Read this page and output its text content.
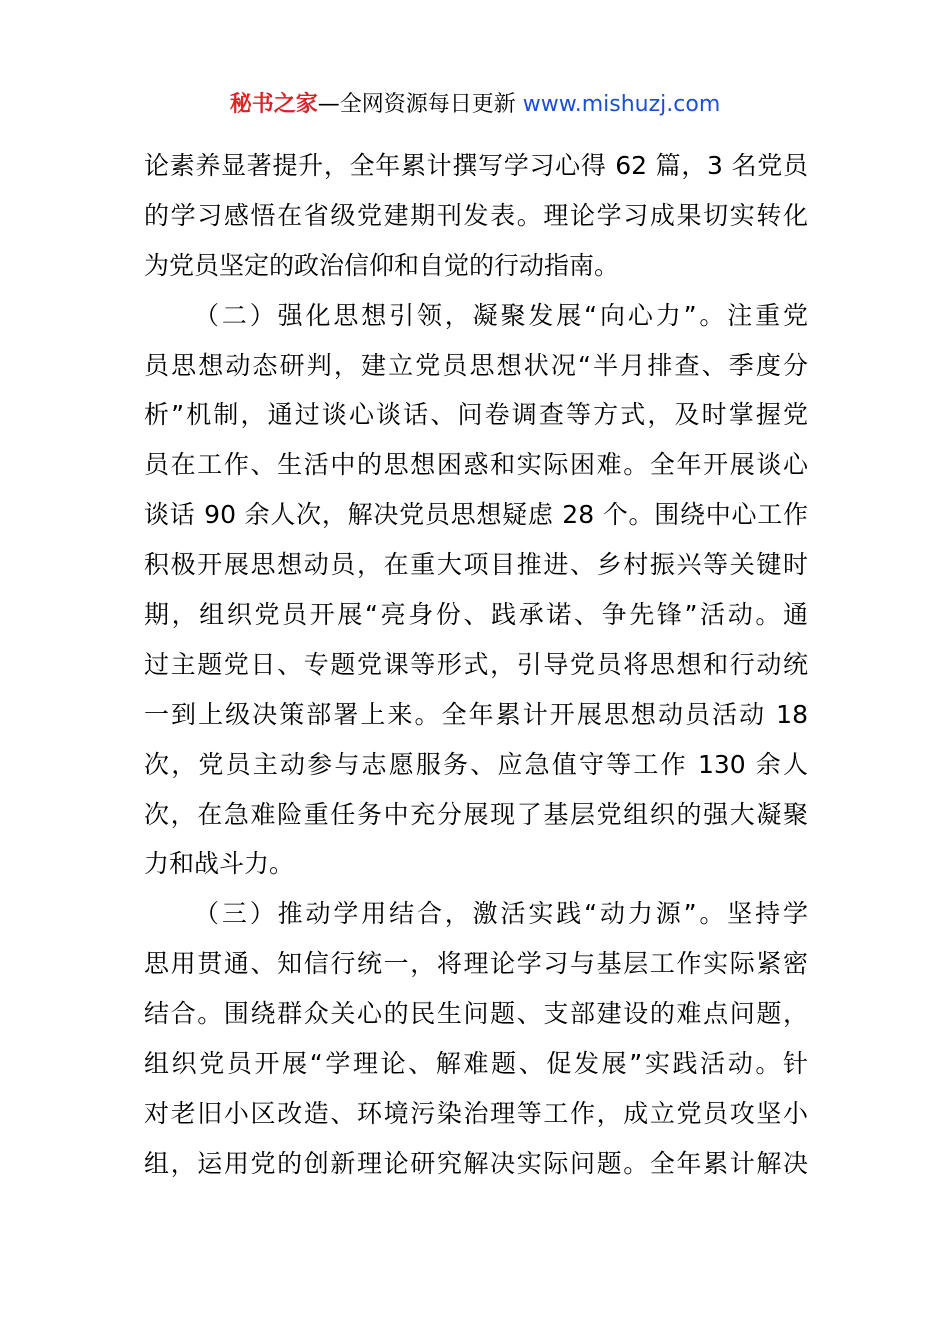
秘书之家—全网资源每日更新 www.mishuzj.com
论素养显著提升，全年累计撰写学习心得 62 篇，3 名党员
的学习感悟在省级党建期刊发表。理论学习成果切实转化
为党员坚定的政治信仰和自觉的行动指南。
（二）强化思想引领，凝聚发展“向心力”。注重党
员思想动态研判，建立党员思想状况“半月排查、季度分
析”机制，通过谈心谈话、问卷调查等方式，及时掌握党
员在工作、生活中的思想困惑和实际困难。全年开展谈心
谈话 90 余人次，解决党员思想疑虑 28 个。围绕中心工作
积极开展思想动员，在重大项目推进、乡村振兴等关键时
期，组织党员开展“亮身份、践承诺、争先锋”活动。通
过主题党日、专题党课等形式，引导党员将思想和行动统
一到上级决策部署上来。全年累计开展思想动员活动 18
次，党员主动参与志愿服务、应急值守等工作 130 余人
次，在急难险重任务中充分展现了基层党组织的强大凝聚
力和战斗力。
（三）推动学用结合，激活实践“动力源”。坚持学
思用贯通、知信行统一，将理论学习与基层工作实际紧密
结合。围绕群众关心的民生问题、支部建设的难点问题，
组织党员开展“学理论、解难题、促发展”实践活动。针
对老旧小区改造、环境污染治理等工作，成立党员攻坚小
组，运用党的创新理论研究解决实际问题。全年累计解决
